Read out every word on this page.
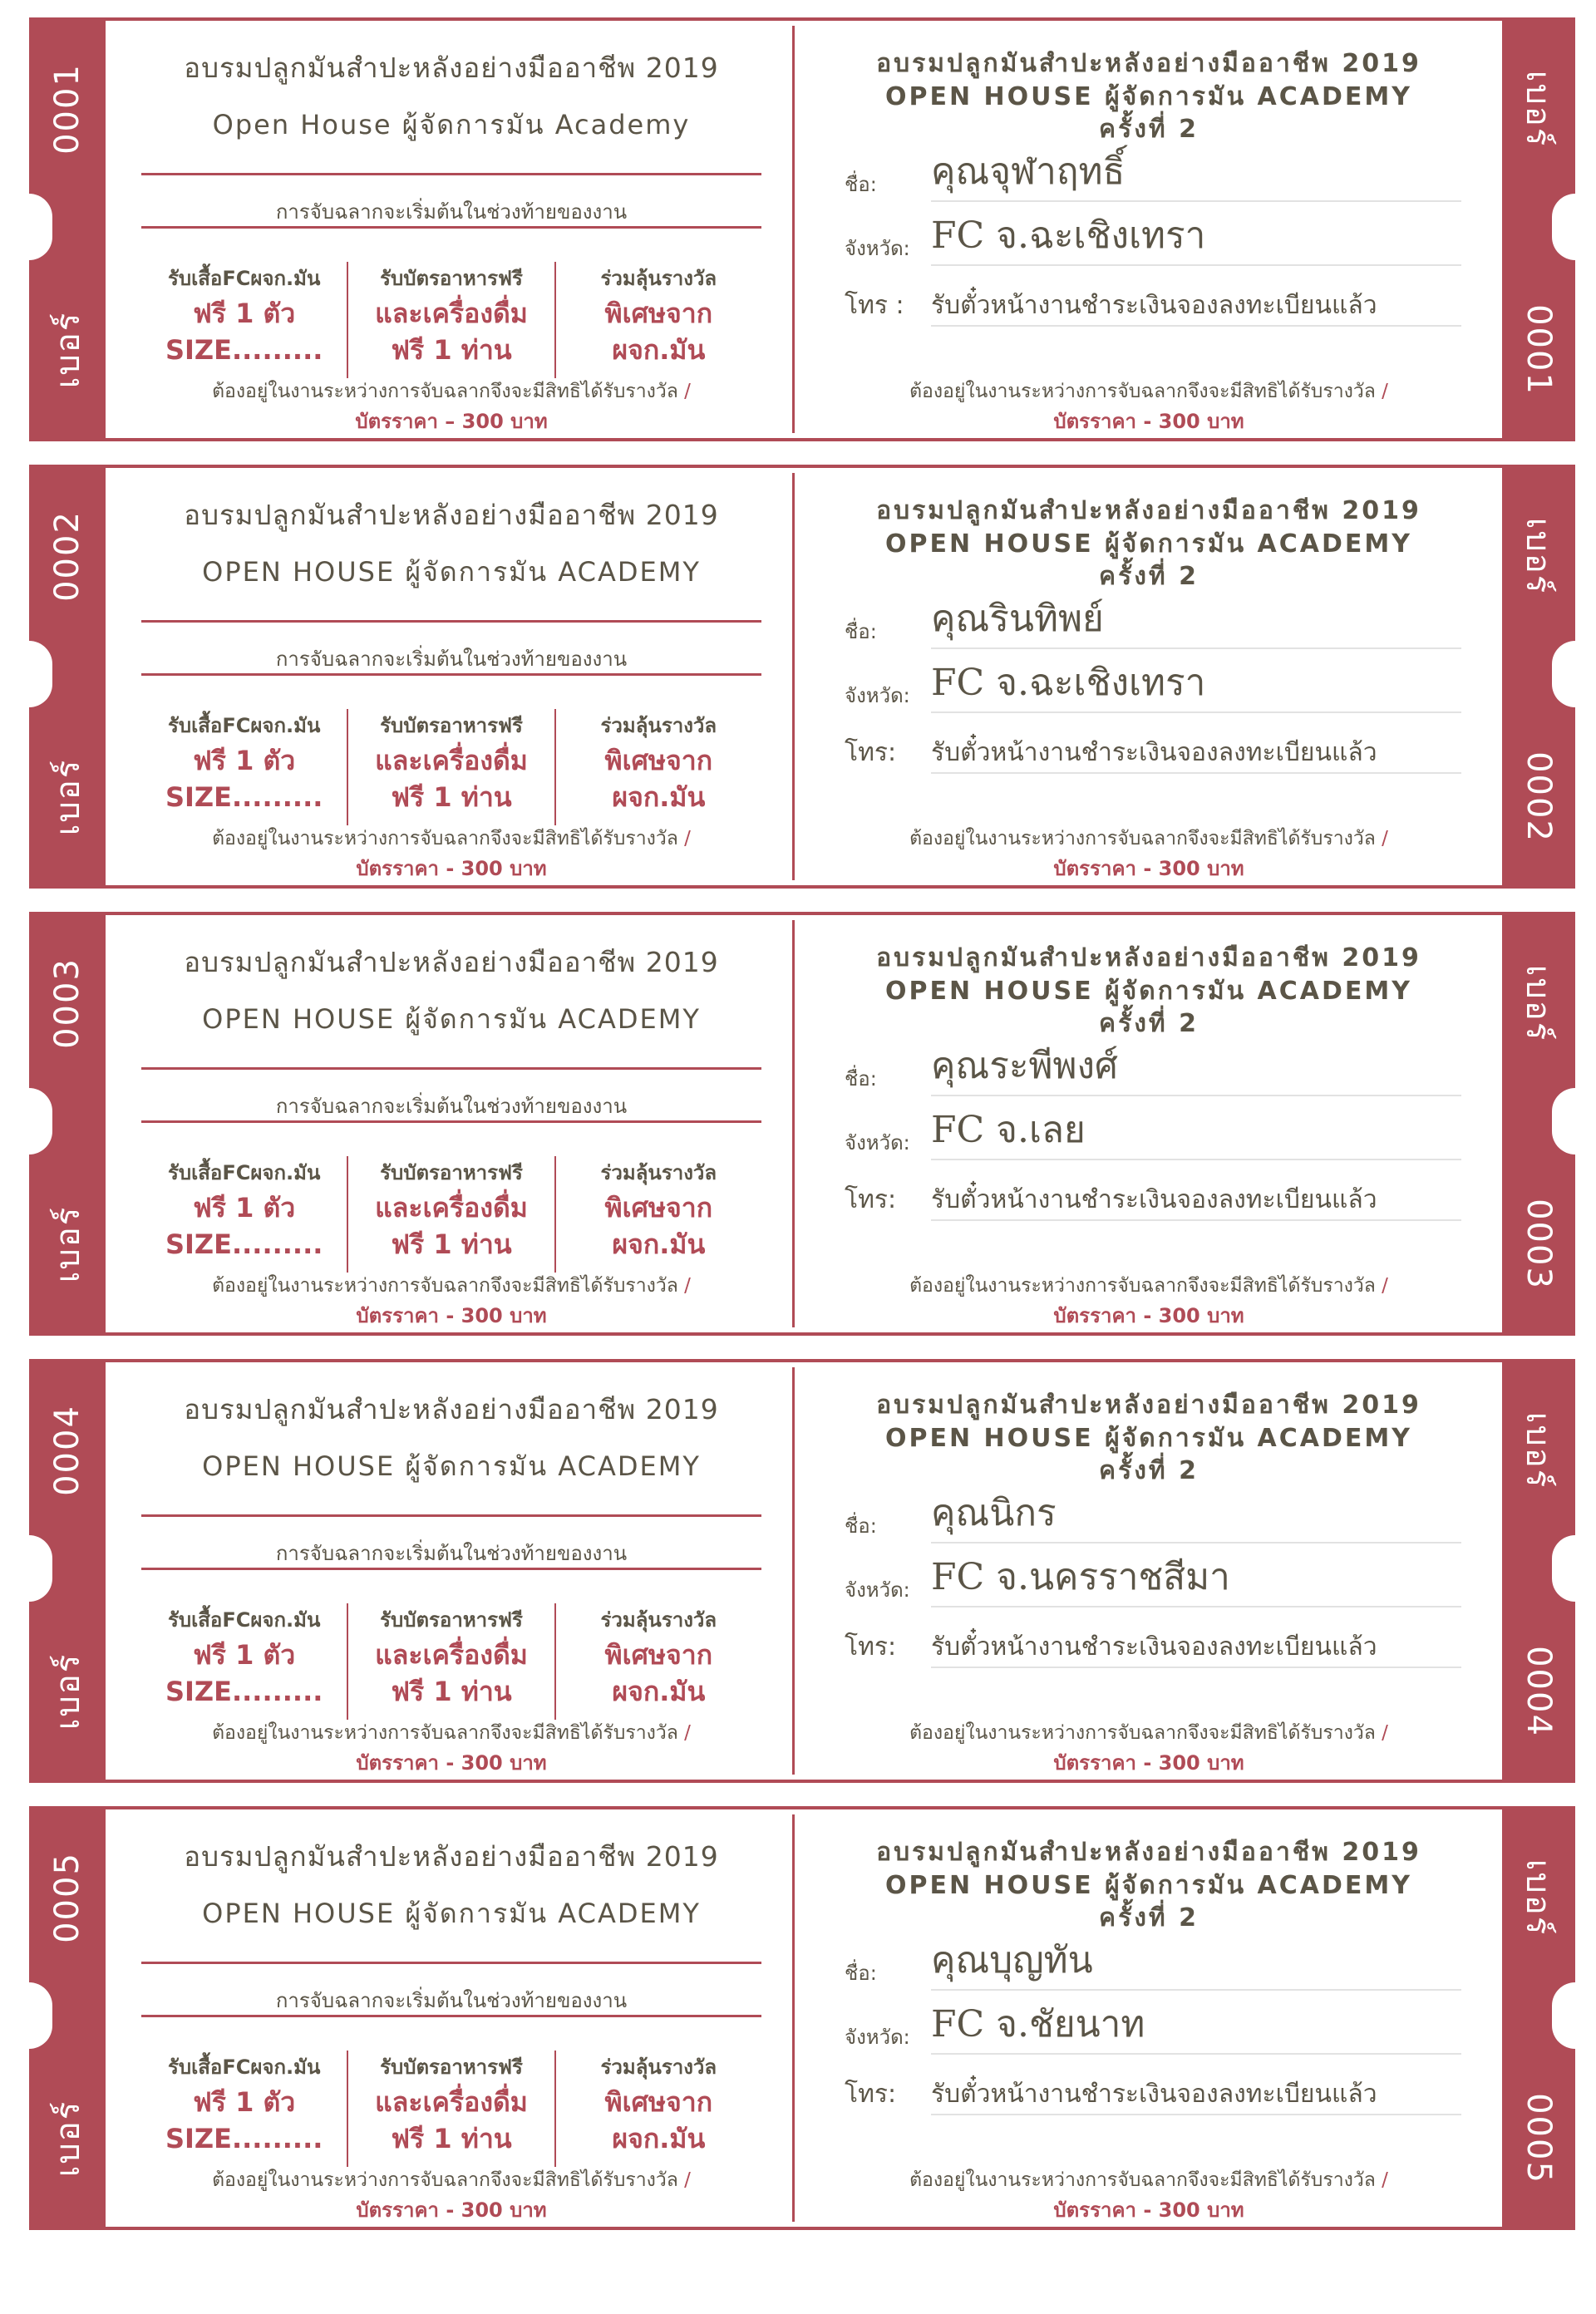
0001
เบอร์
อบรมปลูกมันสำปะหลังอย่างมืออาชีพ 2019
Open House ผู้จัดการมัน Academy
การจับฉลากจะเริ่มต้นในช่วงท้ายของงาน
รับเสื้อFCผจก.มัน
ฟรี 1 ตัว
SIZE.........
รับบัตรอาหารฟรี
และเครื่องดื่ม
ฟรี 1 ท่าน
ร่วมลุ้นรางวัล
พิเศษจาก
ผจก.มัน
ต้องอยู่ในงานระหว่างการจับฉลากจึงจะมีสิทธิได้รับรางวัล /
บัตรราคา – 300 บาท
อบรมปลูกมันสำปะหลังอย่างมืออาชีพ 2019
OPEN HOUSE ผู้จัดการมัน ACADEMY
ครั้งที่ 2
ชื่อ: คุณจุฬาฤทธิ์
จังหวัด: FC จ.ฉะเชิงเทรา
โทร : รับตั๋วหน้างานชำระเงินจองลงทะเบียนแล้ว
ต้องอยู่ในงานระหว่างการจับฉลากจึงจะมีสิทธิได้รับรางวัล /
บัตรราคา - 300 บาท
เบอร์
0001
0002
เบอร์
อบรมปลูกมันสำปะหลังอย่างมืออาชีพ 2019
OPEN HOUSE ผู้จัดการมัน ACADEMY
การจับฉลากจะเริ่มต้นในช่วงท้ายของงาน
รับเสื้อFCผจก.มัน
ฟรี 1 ตัว
SIZE.........
รับบัตรอาหารฟรี
และเครื่องดื่ม
ฟรี 1 ท่าน
ร่วมลุ้นรางวัล
พิเศษจาก
ผจก.มัน
ต้องอยู่ในงานระหว่างการจับฉลากจึงจะมีสิทธิได้รับรางวัล /
บัตรราคา - 300 บาท
อบรมปลูกมันสำปะหลังอย่างมืออาชีพ 2019
OPEN HOUSE ผู้จัดการมัน ACADEMY
ครั้งที่ 2
ชื่อ: คุณรินทิพย์
จังหวัด: FC จ.ฉะเชิงเทรา
โทร: รับตั๋วหน้างานชำระเงินจองลงทะเบียนแล้ว
ต้องอยู่ในงานระหว่างการจับฉลากจึงจะมีสิทธิได้รับรางวัล /
บัตรราคา - 300 บาท
เบอร์
0002
0003
เบอร์
อบรมปลูกมันสำปะหลังอย่างมืออาชีพ 2019
OPEN HOUSE ผู้จัดการมัน ACADEMY
การจับฉลากจะเริ่มต้นในช่วงท้ายของงาน
รับเสื้อFCผจก.มัน
ฟรี 1 ตัว
SIZE.........
รับบัตรอาหารฟรี
และเครื่องดื่ม
ฟรี 1 ท่าน
ร่วมลุ้นรางวัล
พิเศษจาก
ผจก.มัน
ต้องอยู่ในงานระหว่างการจับฉลากจึงจะมีสิทธิได้รับรางวัล /
บัตรราคา - 300 บาท
อบรมปลูกมันสำปะหลังอย่างมืออาชีพ 2019
OPEN HOUSE ผู้จัดการมัน ACADEMY
ครั้งที่ 2
ชื่อ: คุณระพีพงศ์
จังหวัด: FC จ.เลย
โทร: รับตั๋วหน้างานชำระเงินจองลงทะเบียนแล้ว
ต้องอยู่ในงานระหว่างการจับฉลากจึงจะมีสิทธิได้รับรางวัล /
บัตรราคา - 300 บาท
เบอร์
0003
0004
เบอร์
อบรมปลูกมันสำปะหลังอย่างมืออาชีพ 2019
OPEN HOUSE ผู้จัดการมัน ACADEMY
การจับฉลากจะเริ่มต้นในช่วงท้ายของงาน
รับเสื้อFCผจก.มัน
ฟรี 1 ตัว
SIZE.........
รับบัตรอาหารฟรี
และเครื่องดื่ม
ฟรี 1 ท่าน
ร่วมลุ้นรางวัล
พิเศษจาก
ผจก.มัน
ต้องอยู่ในงานระหว่างการจับฉลากจึงจะมีสิทธิได้รับรางวัล /
บัตรราคา - 300 บาท
อบรมปลูกมันสำปะหลังอย่างมืออาชีพ 2019
OPEN HOUSE ผู้จัดการมัน ACADEMY
ครั้งที่ 2
ชื่อ: คุณนิกร
จังหวัด: FC จ.นครราชสีมา
โทร: รับตั๋วหน้างานชำระเงินจองลงทะเบียนแล้ว
ต้องอยู่ในงานระหว่างการจับฉลากจึงจะมีสิทธิได้รับรางวัล /
บัตรราคา - 300 บาท
เบอร์
0004
0005
เบอร์
อบรมปลูกมันสำปะหลังอย่างมืออาชีพ 2019
OPEN HOUSE ผู้จัดการมัน ACADEMY
การจับฉลากจะเริ่มต้นในช่วงท้ายของงาน
รับเสื้อFCผจก.มัน
ฟรี 1 ตัว
SIZE.........
รับบัตรอาหารฟรี
และเครื่องดื่ม
ฟรี 1 ท่าน
ร่วมลุ้นรางวัล
พิเศษจาก
ผจก.มัน
ต้องอยู่ในงานระหว่างการจับฉลากจึงจะมีสิทธิได้รับรางวัล /
บัตรราคา - 300 บาท
อบรมปลูกมันสำปะหลังอย่างมืออาชีพ 2019
OPEN HOUSE ผู้จัดการมัน ACADEMY
ครั้งที่ 2
ชื่อ: คุณบุญทัน
จังหวัด: FC จ.ชัยนาท
โทร: รับตั๋วหน้างานชำระเงินจองลงทะเบียนแล้ว
ต้องอยู่ในงานระหว่างการจับฉลากจึงจะมีสิทธิได้รับรางวัล /
บัตรราคา - 300 บาท
เบอร์
0005
